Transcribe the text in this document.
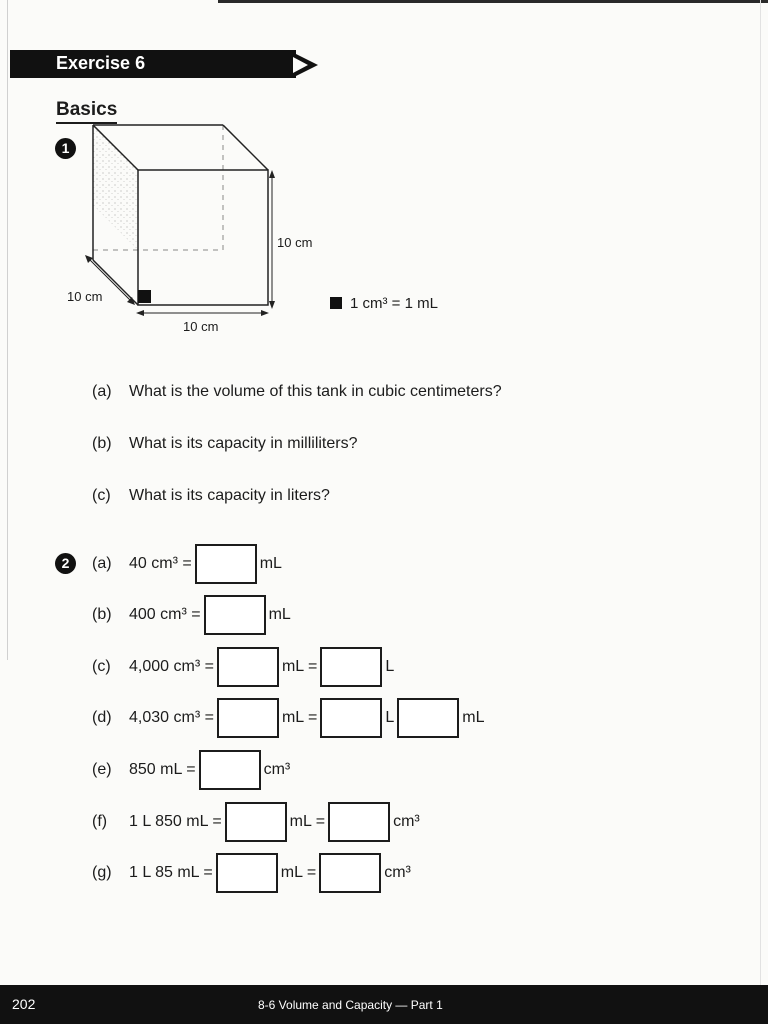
Exercise 6
Basics
1
10 cm
10 cm
10 cm
1 cm³ = 1 mL
(a) What is the volume of this tank in cubic centimeters?
(b) What is its capacity in milliliters?
(c) What is its capacity in liters?
2	(a) 40 cm³ =	mL
(b) 400 cm³ =	mL
(c) 4,000 cm³ =	mL =	L
(d) 4,030 cm³ =	mL =	L	mL
(e) 850 mL =	cm³
(f) 1 L 850 mL =	mL =	cm³
(g) 1 L 85 mL =	mL =	cm³
202	8-6 Volume and Capacity — Part 1
